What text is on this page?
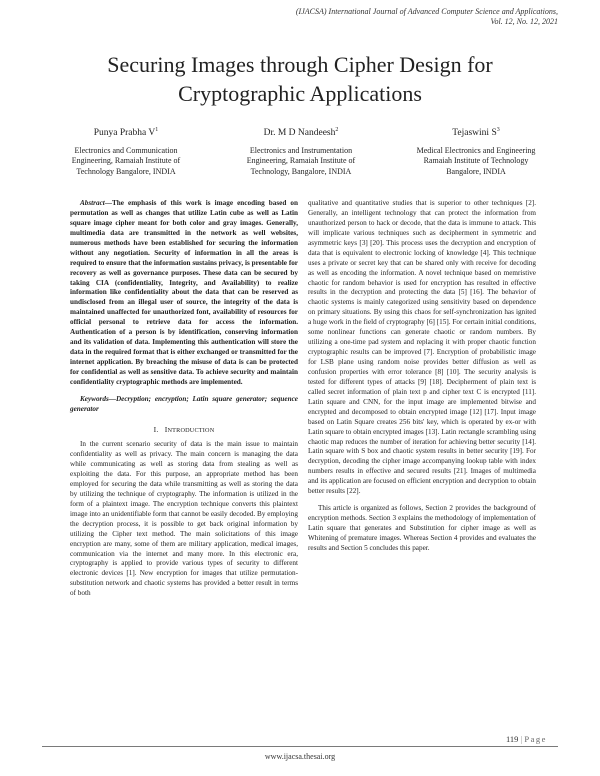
(IJACSA) International Journal of Advanced Computer Science and Applications,
Vol. 12, No. 12, 2021
Securing Images through Cipher Design for
Cryptographic Applications
Punya Prabha $V^1$
Electronics and Communication
Engineering, Ramaiah Institute of
Technology Bangalore, INDIA
Dr. M D Nandeesh$^2$
Electronics and Instrumentation
Engineering, Ramaiah Institute of
Technology, Bangalore, INDIA
Tejaswini $S^3$
Medical Electronics and Engineering
Ramaiah Institute of Technology
Bangalore, INDIA

Abstract—The emphasis of this work is image encoding based on permutation as well as changes that utilize Latin cube as well as Latin square image cipher meant for both color and gray images. Generally, multimedia data are transmitted in the network as well websites, numerous methods have been established for securing the information without any negotiation. Security of information in all the areas is required to ensure that the information sustains privacy, is presentable for recovery as well as governance purposes. These data can be secured by taking CIA (confidentiality, Integrity, and Availability) to realize information like confidentiality about the data that can be reserved as undisclosed from an illegal user of source, the integrity of the data is maintained unaffected for unauthorized font, availability of resources for official personal to retrieve data for access the information. Authentication of a person is by identification, conserving information and its validation of data. Implementing this authentication will store the data in the required format that is either exchanged or transmitted for the internet application. By breaching the misuse of data is can be protected for confidential as well as sensitive data. To achieve security and maintain confidentiality cryptographic methods are implemented.

Keywords—Decryption; encryption; Latin square generator; sequence generator

I. INTRODUCTION

In the current scenario security of data is the main issue to maintain confidentiality as well as privacy. The main concern is managing the data while communicating as well as storing data from stealing as well as exploiting the data. For this purpose, an appropriate method has been employed for securing the data while transmitting as well as storing the data by utilizing the technique of cryptography. The information is utilized in the form of a plaintext image. The encryption technique converts this plaintext image into an unidentifiable form that cannot be easily decoded. By employing the decryption process, it is possible to get back original information by utilizing the Cipher text method. The main solicitations of this image encryption are many, some of them are military application, medical images, communication via the internet and many more. In this electronic era, cryptography is applied to provide various types of security to different electronic devices [1]. New encryption for images that utilize permutation-substitution network and chaotic systems has provided a better result in terms of both

qualitative and quantitative studies that is superior to other techniques [2]. Generally, an intelligent technology that can protect the information from unauthorized person to hack or decode, that the data is immune to attack. This will implicate various techniques such as decipherment in symmetric and asymmetric keys [3] [20]. This process uses the decryption and encryption of data that is equivalent to electronic locking of knowledge [4]. This technique uses a private or secret key that can be shared only with receive for decoding as well as encoding the information. A novel technique based on memristive chaotic for random behavior is used for encryption has resulted in effective results in the decryption and protecting the data [5] [16]. The behavior of chaotic systems is mainly categorized using sensitivity based on dependence on primary situations. By using this chaos for self-synchronization has ignited a huge work in the field of cryptography [6] [15]. For certain initial conditions, some nonlinear functions can generate chaotic or random numbers. By utilizing a one-time pad system and replacing it with proper chaotic function cryptographic results can be improved [7]. Encryption of probabilistic image for LSB plane using random noise provides better diffusion as well as confusion properties with error tolerance [8] [10]. The security analysis is tested for different types of attacks [9] [18]. Decipherment of plain text is called secret information of plain text p and cipher text C is encrypted [11]. Latin square and CNN, for the input image are implemented bitwise and encrypted and decomposed to obtain encrypted image [12] [17]. Input image based on Latin Square creates 256 bits' key, which is operated by ex-or with Latin square to obtain encrypted images [13]. Latin rectangle scrambling using chaotic map reduces the number of iteration for achieving better security [14]. Latin square with S box and chaotic system results in better security [19]. For decryption, decoding the cipher image accompanying lookup table with index numbers results in effective and secured results [21]. Images of multimedia and its application are focused on efficient encryption and decryption to obtain better results [22].

This article is organized as follows, Section 2 provides the background of encryption methods. Section 3 explains the methodology of implementation of Latin square that generates and Substitution for cipher image as well as Whitening of premature images. Whereas Section 4 provides and evaluates the results and Section 5 concludes this paper.

119 | Page
www.ijacsa.thesai.org
